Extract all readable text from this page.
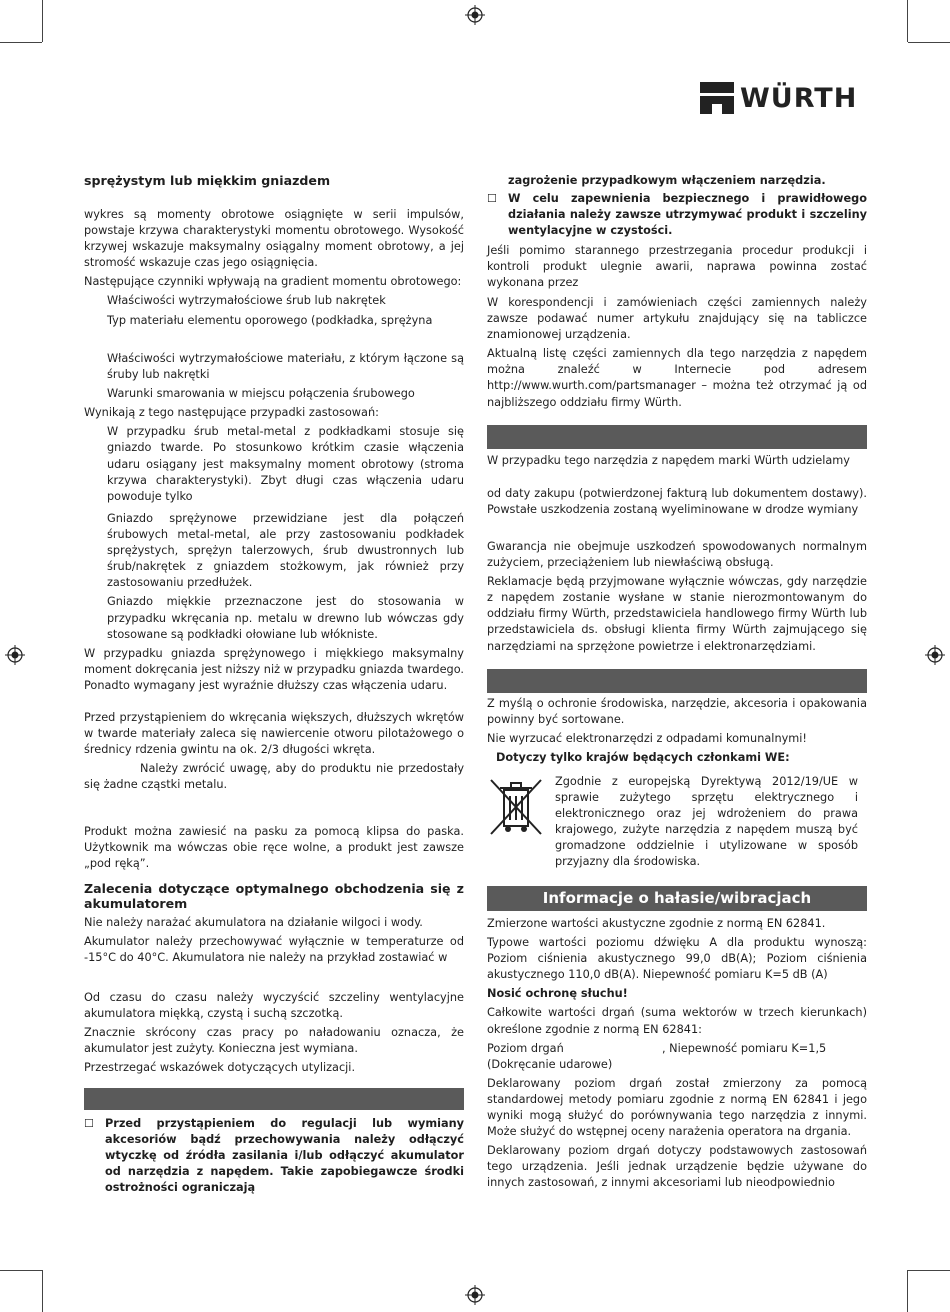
WÜRTH
sprężystym lub miękkim gniazdem

wykres są momenty obrotowe osiągnięte w serii impulsów, powstaje krzywa charakterystyki momentu obrotowego. Wysokość krzywej wskazuje maksymalny osiągalny moment obrotowy, a jej stromość wskazuje czas jego osiągnięcia.

Następujące czynniki wpływają na gradient momentu obrotowego:

Właściwości wytrzymałościowe śrub lub nakrętek

Typ materiału elementu oporowego (podkładka, sprężyna

Właściwości wytrzymałościowe materiału, z którym łączone są śruby lub nakrętki

Warunki smarowania w miejscu połączenia śrubowego

Wynikają z tego następujące przypadki zastosowań:

W przypadku śrub metal-metal z podkładkami stosuje się gniazdo twarde. Po stosunkowo krótkim czasie włączenia udaru osiągany jest maksymalny moment obrotowy (stroma krzywa charakterystyki). Zbyt długi czas włączenia udaru powoduje tylko

Gniazdo sprężynowe przewidziane jest dla połączeń śrubowych metal-metal, ale przy zastosowaniu podkładek sprężystych, sprężyn talerzowych, śrub dwustronnych lub śrub/nakrętek z gniazdem stożkowym, jak również przy zastosowaniu przedłużek.

Gniazdo miękkie przeznaczone jest do stosowania w przypadku wkręcania np. metalu w drewno lub wówczas gdy stosowane są podkładki ołowiane lub włókniste.

W przypadku gniazda sprężynowego i miękkiego maksymalny moment dokręcania jest niższy niż w przypadku gniazda twardego. Ponadto wymagany jest wyraźnie dłuższy czas włączenia udaru.

Przed przystąpieniem do wkręcania większych, dłuższych wkrętów w twarde materiały zaleca się nawiercenie otworu pilotażowego o średnicy rdzenia gwintu na ok. 2/3 długości wkręta.

Należy zwrócić uwagę, aby do produktu nie przedostały się żadne cząstki metalu.

Produkt można zawiesić na pasku za pomocą klipsa do paska. Użytkownik ma wówczas obie ręce wolne, a produkt jest zawsze „pod ręką”.

Zalecenia dotyczące optymalnego obchodzenia się z akumulatorem

Nie należy narażać akumulatora na działanie wilgoci i wody.

Akumulator należy przechowywać wyłącznie w temperaturze od -15°C do 40°C. Akumulatora nie należy na przykład zostawiać w

Od czasu do czasu należy wyczyścić szczeliny wentylacyjne akumulatora miękką, czystą i suchą szczotką.

Znacznie skrócony czas pracy po naładowaniu oznacza, że akumulator jest zużyty. Konieczna jest wymiana.

Przestrzegać wskazówek dotyczących utylizacji.

☐ Przed przystąpieniem do regulacji lub wymiany akcesoriów bądź przechowywania należy odłączyć wtyczkę od źródła zasilania i/lub odłączyć akumulator od narzędzia z napędem. Takie zapobiegawcze środki ostrożności ograniczają
zagrożenie przypadkowym włączeniem narzędzia.
☐ W celu zapewnienia bezpiecznego i prawidłowego działania należy zawsze utrzymywać produkt i szczeliny wentylacyjne w czystości.

Jeśli pomimo starannego przestrzegania procedur produkcji i kontroli produkt ulegnie awarii, naprawa powinna zostać wykonana przez

W korespondencji i zamówieniach części zamiennych należy zawsze podawać numer artykułu znajdujący się na tabliczce znamionowej urządzenia.

Aktualną listę części zamiennych dla tego narzędzia z napędem można znaleźć w Internecie pod adresem http://www.wurth.com/partsmanager – można też otrzymać ją od najbliższego oddziału firmy Würth.

W przypadku tego narzędzia z napędem marki Würth udzielamy

od daty zakupu (potwierdzonej fakturą lub dokumentem dostawy). Powstałe uszkodzenia zostaną wyeliminowane w drodze wymiany

Gwarancja nie obejmuje uszkodzeń spowodowanych normalnym zużyciem, przeciążeniem lub niewłaściwą obsługą.

Reklamacje będą przyjmowane wyłącznie wówczas, gdy narzędzie z napędem zostanie wysłane w stanie nierozmontowanym do oddziału firmy Würth, przedstawiciela handlowego firmy Würth lub przedstawiciela ds. obsługi klienta firmy Würth zajmującego się narzędziami na sprzężone powietrze i elektronarzędziami.

Z myślą o ochronie środowiska, narzędzie, akcesoria i opakowania powinny być sortowane.

Nie wyrzucać elektronarzędzi z odpadami komunalnymi!

Dotyczy tylko krajów będących członkami WE:

Zgodnie z europejską Dyrektywą 2012/19/UE w sprawie zużytego sprzętu elektrycznego i elektronicznego oraz jej wdrożeniem do prawa krajowego, zużyte narzędzia z napędem muszą być gromadzone oddzielnie i utylizowane w sposób przyjazny dla środowiska.
Informacje o hałasie/wibracjach

Zmierzone wartości akustyczne zgodnie z normą EN 62841.

Typowe wartości poziomu dźwięku A dla produktu wynoszą: Poziom ciśnienia akustycznego 99,0 dB(A); Poziom ciśnienia akustycznego 110,0 dB(A). Niepewność pomiaru K=5 dB (A)

Nosić ochronę słuchu!

Całkowite wartości drgań (suma wektorów w trzech kierunkach) określone zgodnie z normą EN 62841:

Poziom drgań	, Niepewność pomiaru K=1,5

(Dokręcanie udarowe)

Deklarowany poziom drgań został zmierzony za pomocą standardowej metody pomiaru zgodnie z normą EN 62841 i jego wyniki mogą służyć do porównywania tego narzędzia z innymi. Może służyć do wstępnej oceny narażenia operatora na drgania.

Deklarowany poziom drgań dotyczy podstawowych zastosowań tego urządzenia. Jeśli jednak urządzenie będzie używane do innych zastosowań, z innymi akcesoriami lub nieodpowiednio
